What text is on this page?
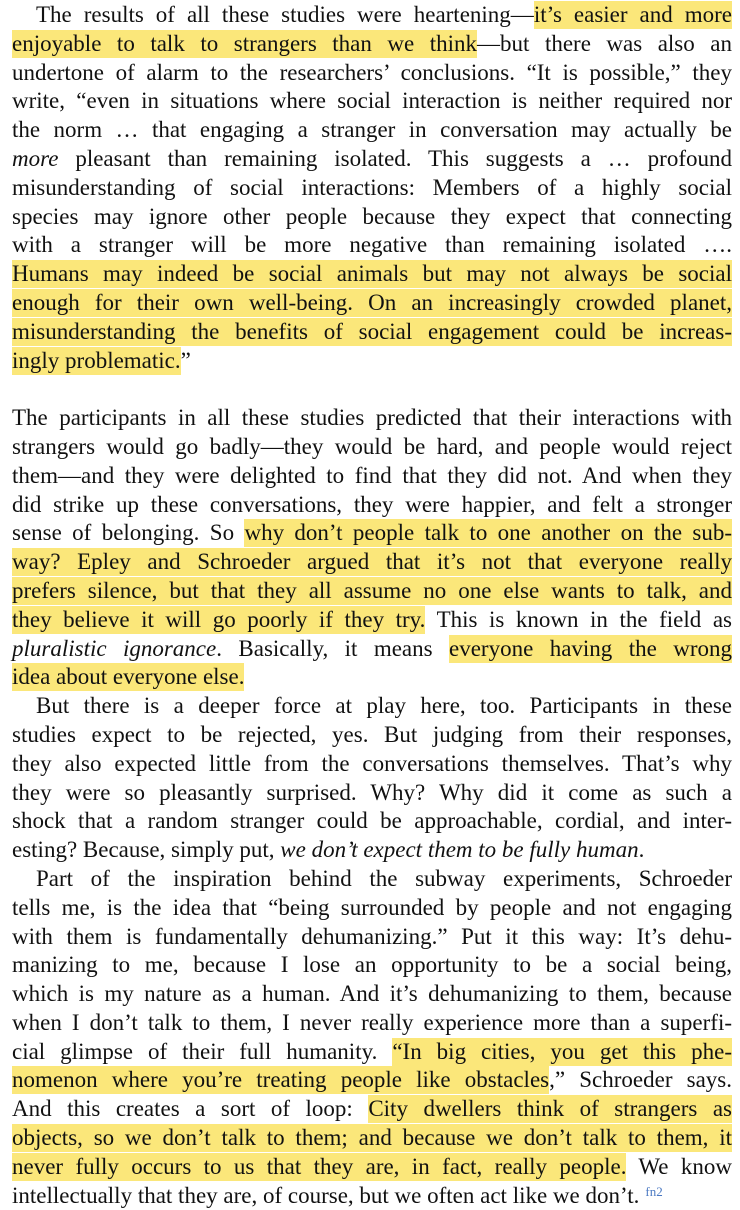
The results of all these studies were heartening—it’s easier and more
enjoyable to talk to strangers than we think—but there was also an
undertone of alarm to the researchers’ conclusions. “It is possible,” they
write, “even in situations where social interaction is neither required nor
the norm … that engaging a stranger in conversation may actually be
more pleasant than remaining isolated. This suggests a … profound
misunderstanding of social interactions: Members of a highly social
species may ignore other people because they expect that connecting
with a stranger will be more negative than remaining isolated ….
Humans may indeed be social animals but may not always be social
enough for their own well-being. On an increasingly crowded planet,
misunderstanding the benefits of social engagement could be increas-
ingly problematic.”
The participants in all these studies predicted that their interactions with
strangers would go badly—they would be hard, and people would reject
them—and they were delighted to find that they did not. And when they
did strike up these conversations, they were happier, and felt a stronger
sense of belonging. So why don’t people talk to one another on the sub-
way? Epley and Schroeder argued that it’s not that everyone really
prefers silence, but that they all assume no one else wants to talk, and
they believe it will go poorly if they try. This is known in the field as
pluralistic ignorance. Basically, it means everyone having the wrong
idea about everyone else.
But there is a deeper force at play here, too. Participants in these
studies expect to be rejected, yes. But judging from their responses,
they also expected little from the conversations themselves. That’s why
they were so pleasantly surprised. Why? Why did it come as such a
shock that a random stranger could be approachable, cordial, and inter-
esting? Because, simply put, we don’t expect them to be fully human.
Part of the inspiration behind the subway experiments, Schroeder
tells me, is the idea that “being surrounded by people and not engaging
with them is fundamentally dehumanizing.” Put it this way: It’s dehu-
manizing to me, because I lose an opportunity to be a social being,
which is my nature as a human. And it’s dehumanizing to them, because
when I don’t talk to them, I never really experience more than a superfi-
cial glimpse of their full humanity. “In big cities, you get this phe-
nomenon where you’re treating people like obstacles,” Schroeder says.
And this creates a sort of loop: City dwellers think of strangers as
objects, so we don’t talk to them; and because we don’t talk to them, it
never fully occurs to us that they are, in fact, really people. We know
intellectually that they are, of course, but we often act like we don’t. $^{fn2}$
